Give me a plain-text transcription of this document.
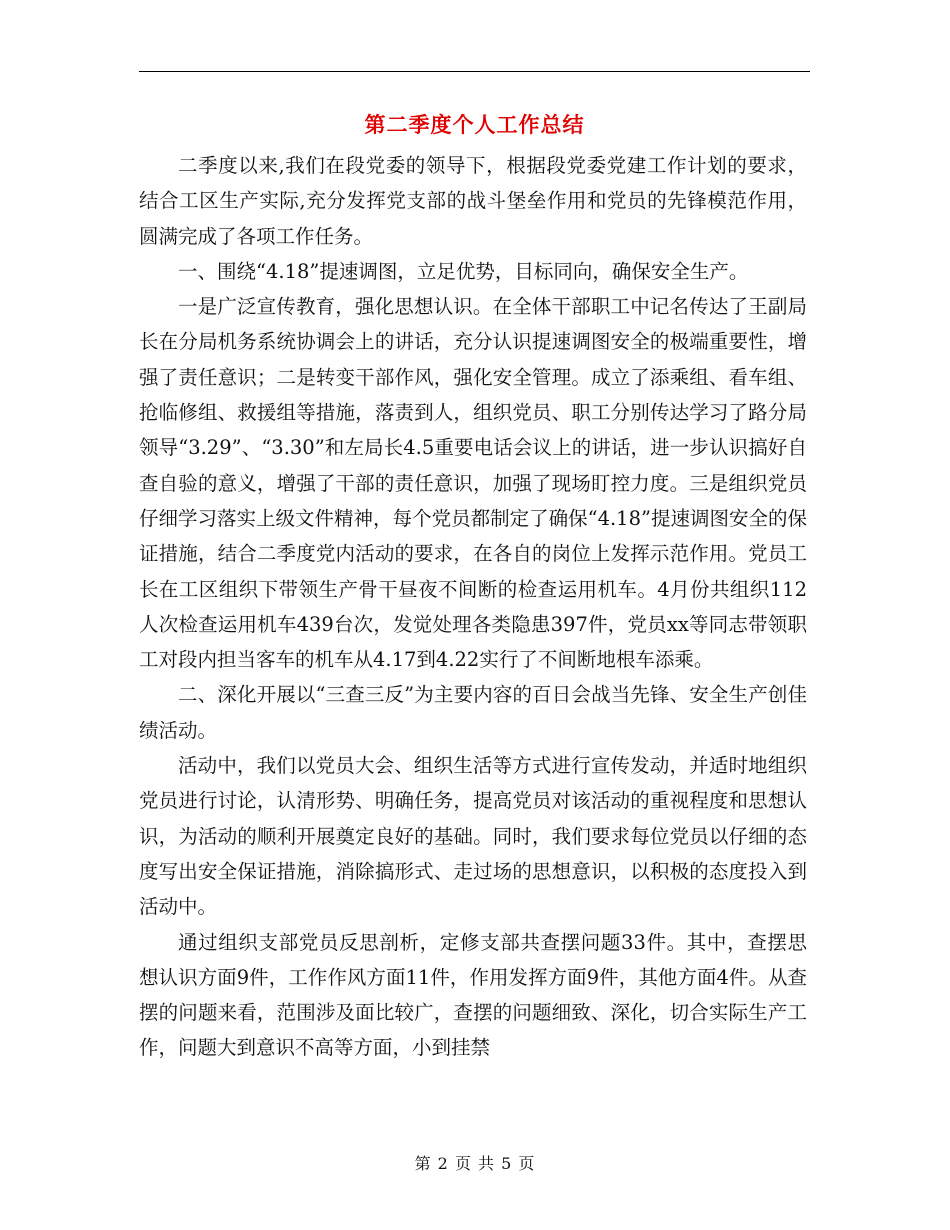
第二季度个人工作总结

二季度以来,我们在段党委的领导下，根据段党委党建工作计划的要求，结合工区生产实际,充分发挥党支部的战斗堡垒作用和党员的先锋模范作用，圆满完成了各项工作任务。

一、围绕“4.18”提速调图，立足优势，目标同向，确保安全生产。

一是广泛宣传教育，强化思想认识。在全体干部职工中记名传达了王副局长在分局机务系统协调会上的讲话，充分认识提速调图安全的极端重要性，增强了责任意识；二是转变干部作风，强化安全管理。成立了添乘组、看车组、抢临修组、救援组等措施，落责到人，组织党员、职工分别传达学习了路分局领导“3.29”、“3.30”和左局长4.5重要电话会议上的讲话，进一步认识搞好自查自验的意义，增强了干部的责任意识，加强了现场盯控力度。三是组织党员仔细学习落实上级文件精神，每个党员都制定了确保“4.18”提速调图安全的保证措施，结合二季度党内活动的要求，在各自的岗位上发挥示范作用。党员工长在工区组织下带领生产骨干昼夜不间断的检查运用机车。4月份共组织112人次检查运用机车439台次，发觉处理各类隐患397件，党员xx等同志带领职工对段内担当客车的机车从4.17到4.22实行了不间断地根车添乘。

二、深化开展以“三查三反”为主要内容的百日会战当先锋、安全生产创佳绩活动。

活动中，我们以党员大会、组织生活等方式进行宣传发动，并适时地组织党员进行讨论，认清形势、明确任务，提高党员对该活动的重视程度和思想认识，为活动的顺利开展奠定良好的基础。同时，我们要求每位党员以仔细的态度写出安全保证措施，消除搞形式、走过场的思想意识，以积极的态度投入到活动中。

通过组织支部党员反思剖析，定修支部共查摆问题33件。其中，查摆思想认识方面9件，工作作风方面11件，作用发挥方面9件，其他方面4件。从查摆的问题来看，范围涉及面比较广，查摆的问题细致、深化，切合实际生产工作，问题大到意识不高等方面，小到挂禁

第 2 页 共 5 页
